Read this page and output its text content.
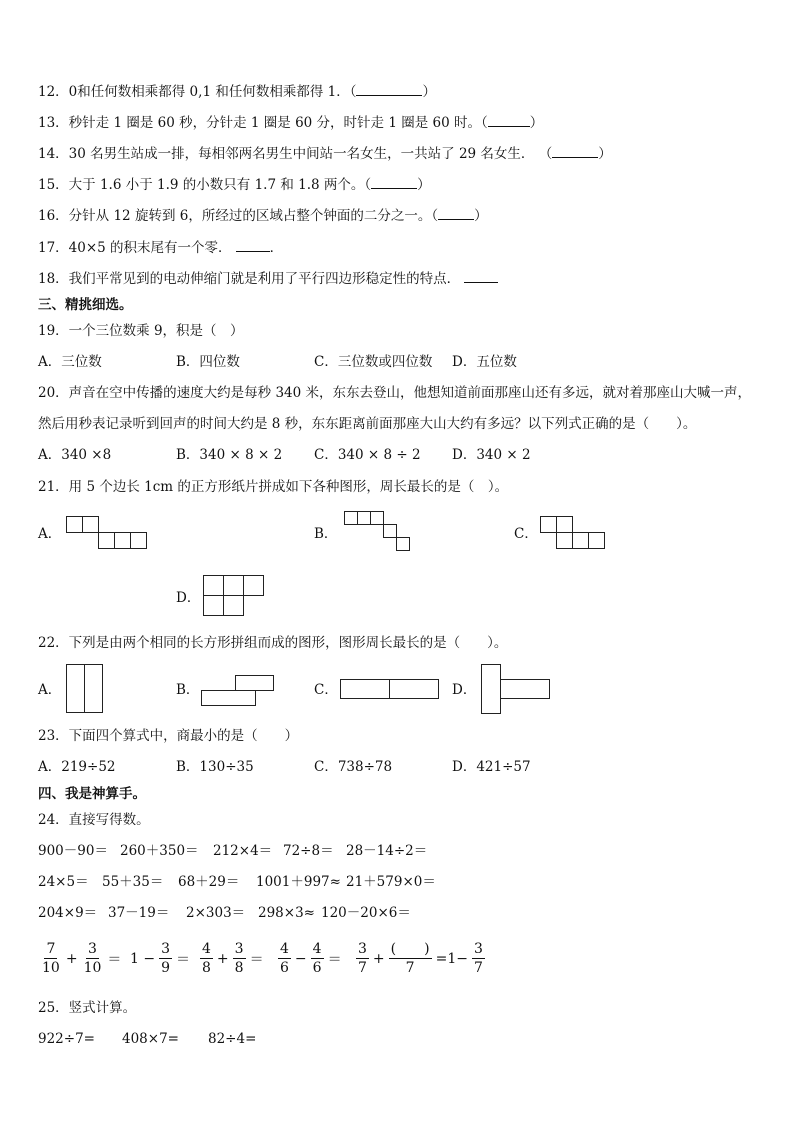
12．0和任何数相乘都得 0,1 和任何数相乘都得 1．（	）
13．秒针走 1 圈是 60 秒，分针走 1 圈是 60 分，时针走 1 圈是 60 时。（	）
14．30 名男生站成一排，每相邻两名男生中间站一名女生，一共站了 29 名女生． （	）
15．大于 1.6 小于 1.9 的小数只有 1.7 和 1.8 两个。（	）
16．分针从 12 旋转到 6，所经过的区域占整个钟面的二分之一。（	）
17．40×5 的积末尾有一个零．	．
18．我们平常见到的电动伸缩门就是利用了平行四边形稳定性的特点．
三、精挑细选。
19．一个三位数乘 9，积是（　）
A．三位数	B．四位数	C．三位数或四位数 D．五位数
20．声音在空中传播的速度大约是每秒 340 米，东东去登山，他想知道前面那座山还有多远，就对着那座山大喊一声，
然后用秒表记录听到回声的时间大约是 8 秒，东东距离前面那座大山大约有多远？以下列式正确的是（　　）。
A．340 ×8	B．340 × 8 × 2 C．340 × 8 ÷ 2 D．340 × 2
21．用 5 个边长 1cm 的正方形纸片拼成如下各种图形，周长最长的是（　）。
A．	B．	C．
D．
22．下列是由两个相同的长方形拼组而成的图形，图形周长最长的是（　　）。
A．	B．	C．	D．
23．下面四个算式中，商最小的是（　　）
A．219÷52	B．130÷35	C．738÷78	D．421÷57
四、我是神算手。
24．直接写得数。
900－90＝ 260＋350＝ 212×4＝ 72÷8＝ 28－14÷2＝
24×5＝ 55＋35＝ 68＋29＝ 1001＋997≈ 21＋579×0＝
204×9＝ 37－19＝ 2×303＝ 298×3≈ 120－20×6＝
$\frac{7}{10} + \frac{3}{10} = 1 - \frac{3}{9} = \frac{4}{8} + \frac{3}{8} = \frac{4}{6} - \frac{4}{6} = \frac{3}{7} + \frac{( )}{7} =1- \frac{3}{7}$
25．竖式计算。
922÷7= 408×7= 82÷4=
